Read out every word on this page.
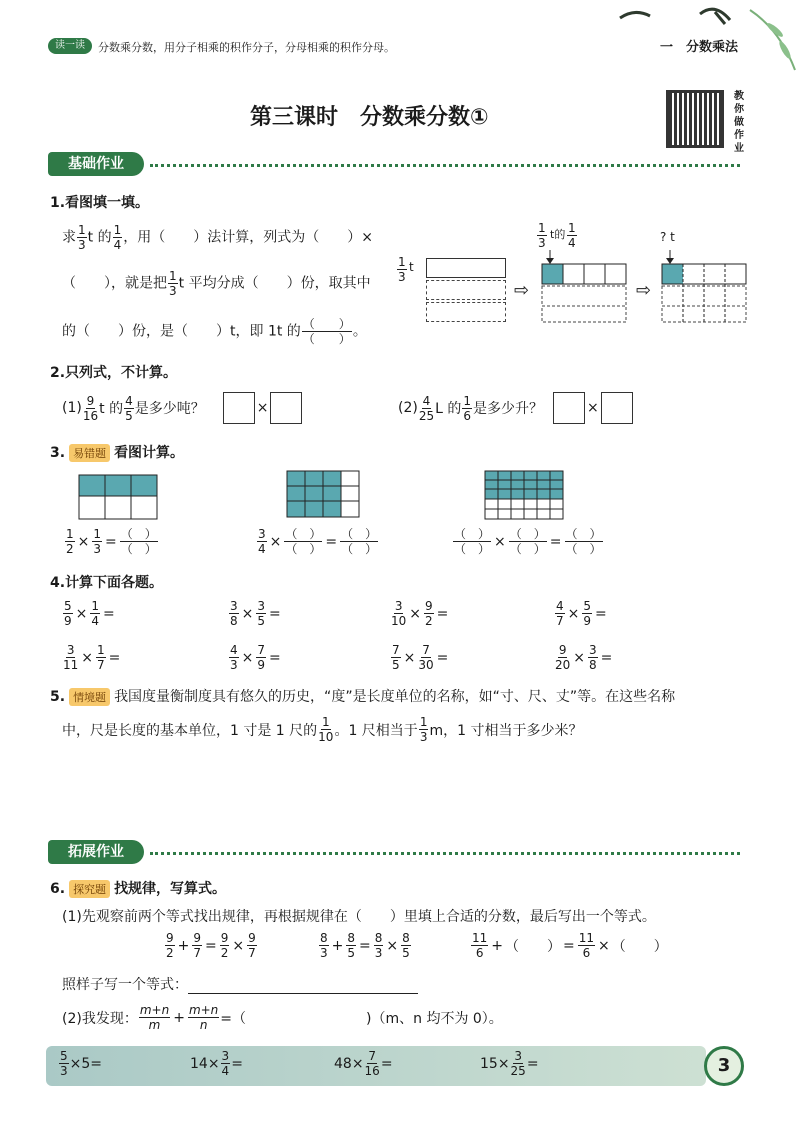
读一读	分数乘分数，用分子相乘的积作分子，分母相乘的积作分母。	一　分数乘法
第三课时　分数乘分数①
教你做作业
基础作业
1.看图填一填。
求 $\frac{1}{3}$ t 的 $\frac{1}{4}$ ，用（　　）法计算，列式为（　　）×
（　　），就是把 $\frac{1}{3}$ t 平均分成（　　）份，取其中
的（　　）份，是（　　）t，即 1t 的 $\frac{( )}{( )}$ 。
$\frac{1}{3}$ t
⇨
$\frac{1}{3}$ t的 $\frac{1}{4}$
⇨
? t
2.只列式，不计算。
$(1) \frac{9}{16}$ t 的 $\frac{4}{5}$ 是多少吨？	×	$(2) \frac{4}{25}$ L 的 $\frac{1}{6}$ 是多少升？	×
3. 易错题 看图计算。
$\frac{1}{2} \times \frac{1}{3} = \frac{( )}{( )}$	$\frac{3}{4} \times \frac{( )}{( )} = \frac{( )}{( )}$	$\frac{( )}{( )} \times \frac{( )}{( )} = \frac{( )}{( )}$
4.计算下面各题。
$\frac{5}{9} \times \frac{1}{4}$ =	$\frac{3}{8} \times \frac{3}{5}$ =	$\frac{3}{10} \times \frac{9}{2}$ =	$\frac{4}{7} \times \frac{5}{9}$ =
$\frac{3}{11} \times \frac{1}{7}$ =	$\frac{4}{3} \times \frac{7}{9}$ =	$\frac{7}{5} \times \frac{7}{30}$ =	$\frac{9}{20} \times \frac{3}{8}$ =
5. 情境题 我国度量衡制度具有悠久的历史，“度”是长度单位的名称，如“寸、尺、丈”等。在这些名称
中，尺是长度的基本单位，1 寸是 1 尺的 $\frac{1}{10}$ 。1 尺相当于 $\frac{1}{3}$ m，1 寸相当于多少米？
拓展作业
6. 探究题 找规律，写算式。
(1)先观察前两个等式找出规律，再根据规律在（　　）里填上合适的分数，最后写出一个等式。
$\frac{9}{2} + \frac{9}{7} = \frac{9}{2} \times \frac{9}{7}$	$\frac{8}{3} + \frac{8}{5} = \frac{8}{3} \times \frac{8}{5}$	$\frac{11}{6}$ + （　　） = $\frac{11}{6}$ × （　　）
照样子写一个等式：
(2)我发现： $\frac{m+n}{m} + \frac{m+n}{n}$ =（	)（m、n 均不为 0）。
$\frac{5}{3} \times 5=$	$14\times \frac{3}{4}$ =	$48\times \frac{7}{16}$ =	$15\times \frac{3}{25}$ =	3
